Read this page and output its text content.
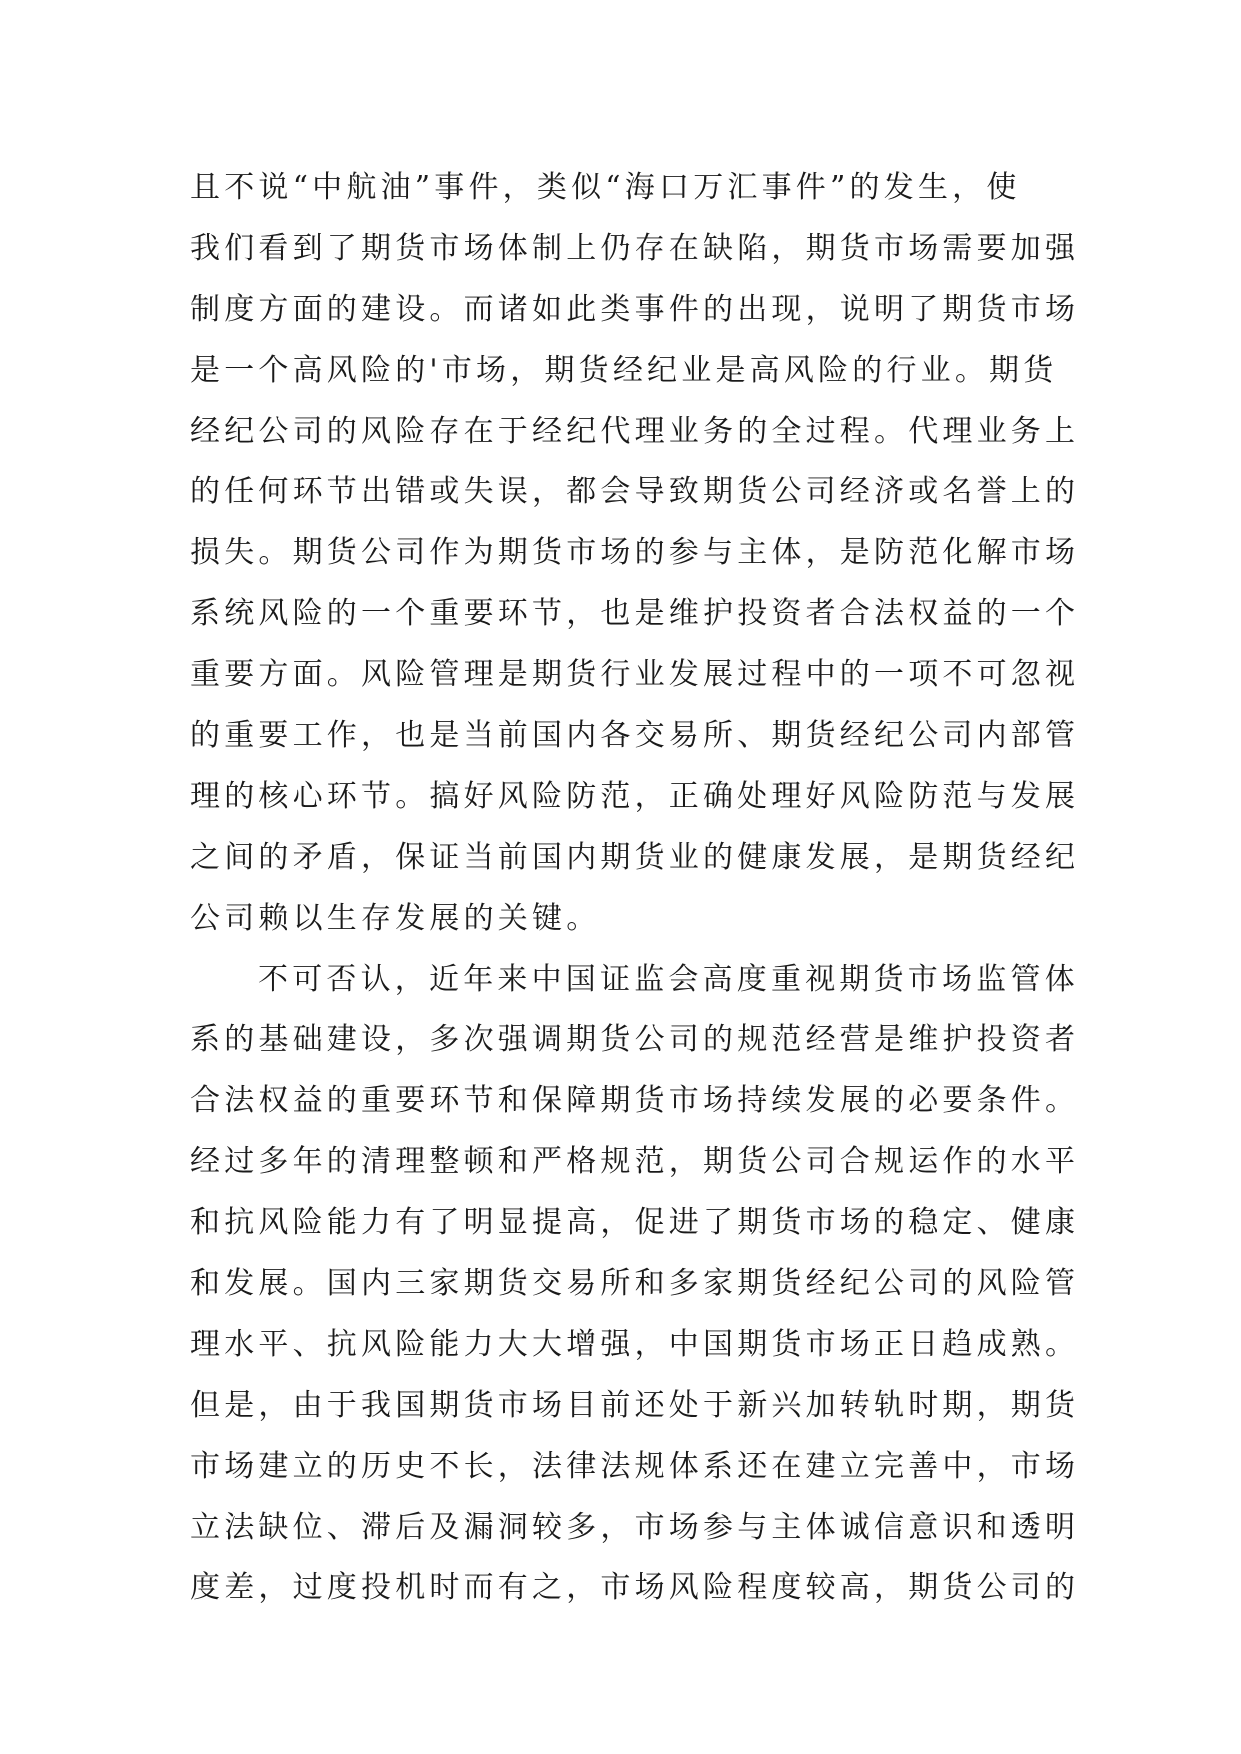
且不说“中航油”事件，类似“海口万汇事件”的发生，使
我们看到了期货市场体制上仍存在缺陷，期货市场需要加强
制度方面的建设。而诸如此类事件的出现，说明了期货市场
是一个高风险的'市场，期货经纪业是高风险的行业。期货
经纪公司的风险存在于经纪代理业务的全过程。代理业务上
的任何环节出错或失误，都会导致期货公司经济或名誉上的
损失。期货公司作为期货市场的参与主体，是防范化解市场
系统风险的一个重要环节，也是维护投资者合法权益的一个
重要方面。风险管理是期货行业发展过程中的一项不可忽视
的重要工作，也是当前国内各交易所、期货经纪公司内部管
理的核心环节。搞好风险防范，正确处理好风险防范与发展
之间的矛盾，保证当前国内期货业的健康发展，是期货经纪
公司赖以生存发展的关键。
不可否认，近年来中国证监会高度重视期货市场监管体
系的基础建设，多次强调期货公司的规范经营是维护投资者
合法权益的重要环节和保障期货市场持续发展的必要条件。
经过多年的清理整顿和严格规范，期货公司合规运作的水平
和抗风险能力有了明显提高，促进了期货市场的稳定、健康
和发展。国内三家期货交易所和多家期货经纪公司的风险管
理水平、抗风险能力大大增强，中国期货市场正日趋成熟。
但是，由于我国期货市场目前还处于新兴加转轨时期，期货
市场建立的历史不长，法律法规体系还在建立完善中，市场
立法缺位、滞后及漏洞较多，市场参与主体诚信意识和透明
度差，过度投机时而有之，市场风险程度较高，期货公司的
